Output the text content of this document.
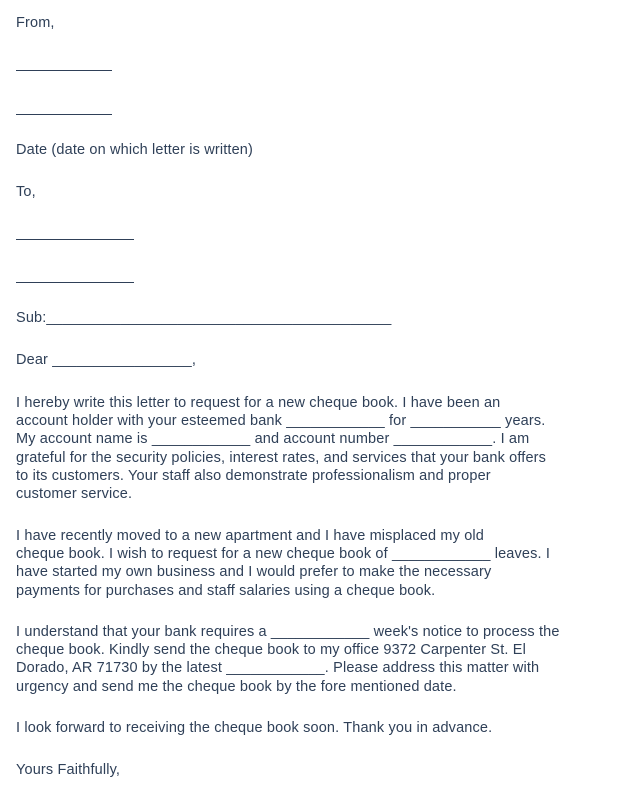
From,
Date (date on which letter is written)
To,
Sub:__________________________________________
Dear _________________,
I hereby write this letter to request for a new cheque book. I have been an
account holder with your esteemed bank ____________ for ___________ years.
My account name is ____________ and account number ____________. I am
grateful for the security policies, interest rates, and services that your bank offers
to its customers. Your staff also demonstrate professionalism and proper
customer service.
I have recently moved to a new apartment and I have misplaced my old
cheque book. I wish to request for a new cheque book of ____________ leaves. I
have started my own business and I would prefer to make the necessary
payments for purchases and staff salaries using a cheque book.
I understand that your bank requires a ____________ week's notice to process the
cheque book. Kindly send the cheque book to my office 9372 Carpenter St. El
Dorado, AR 71730 by the latest ____________. Please address this matter with
urgency and send me the cheque book by the fore mentioned date.
I look forward to receiving the cheque book soon. Thank you in advance.
Yours Faithfully,
